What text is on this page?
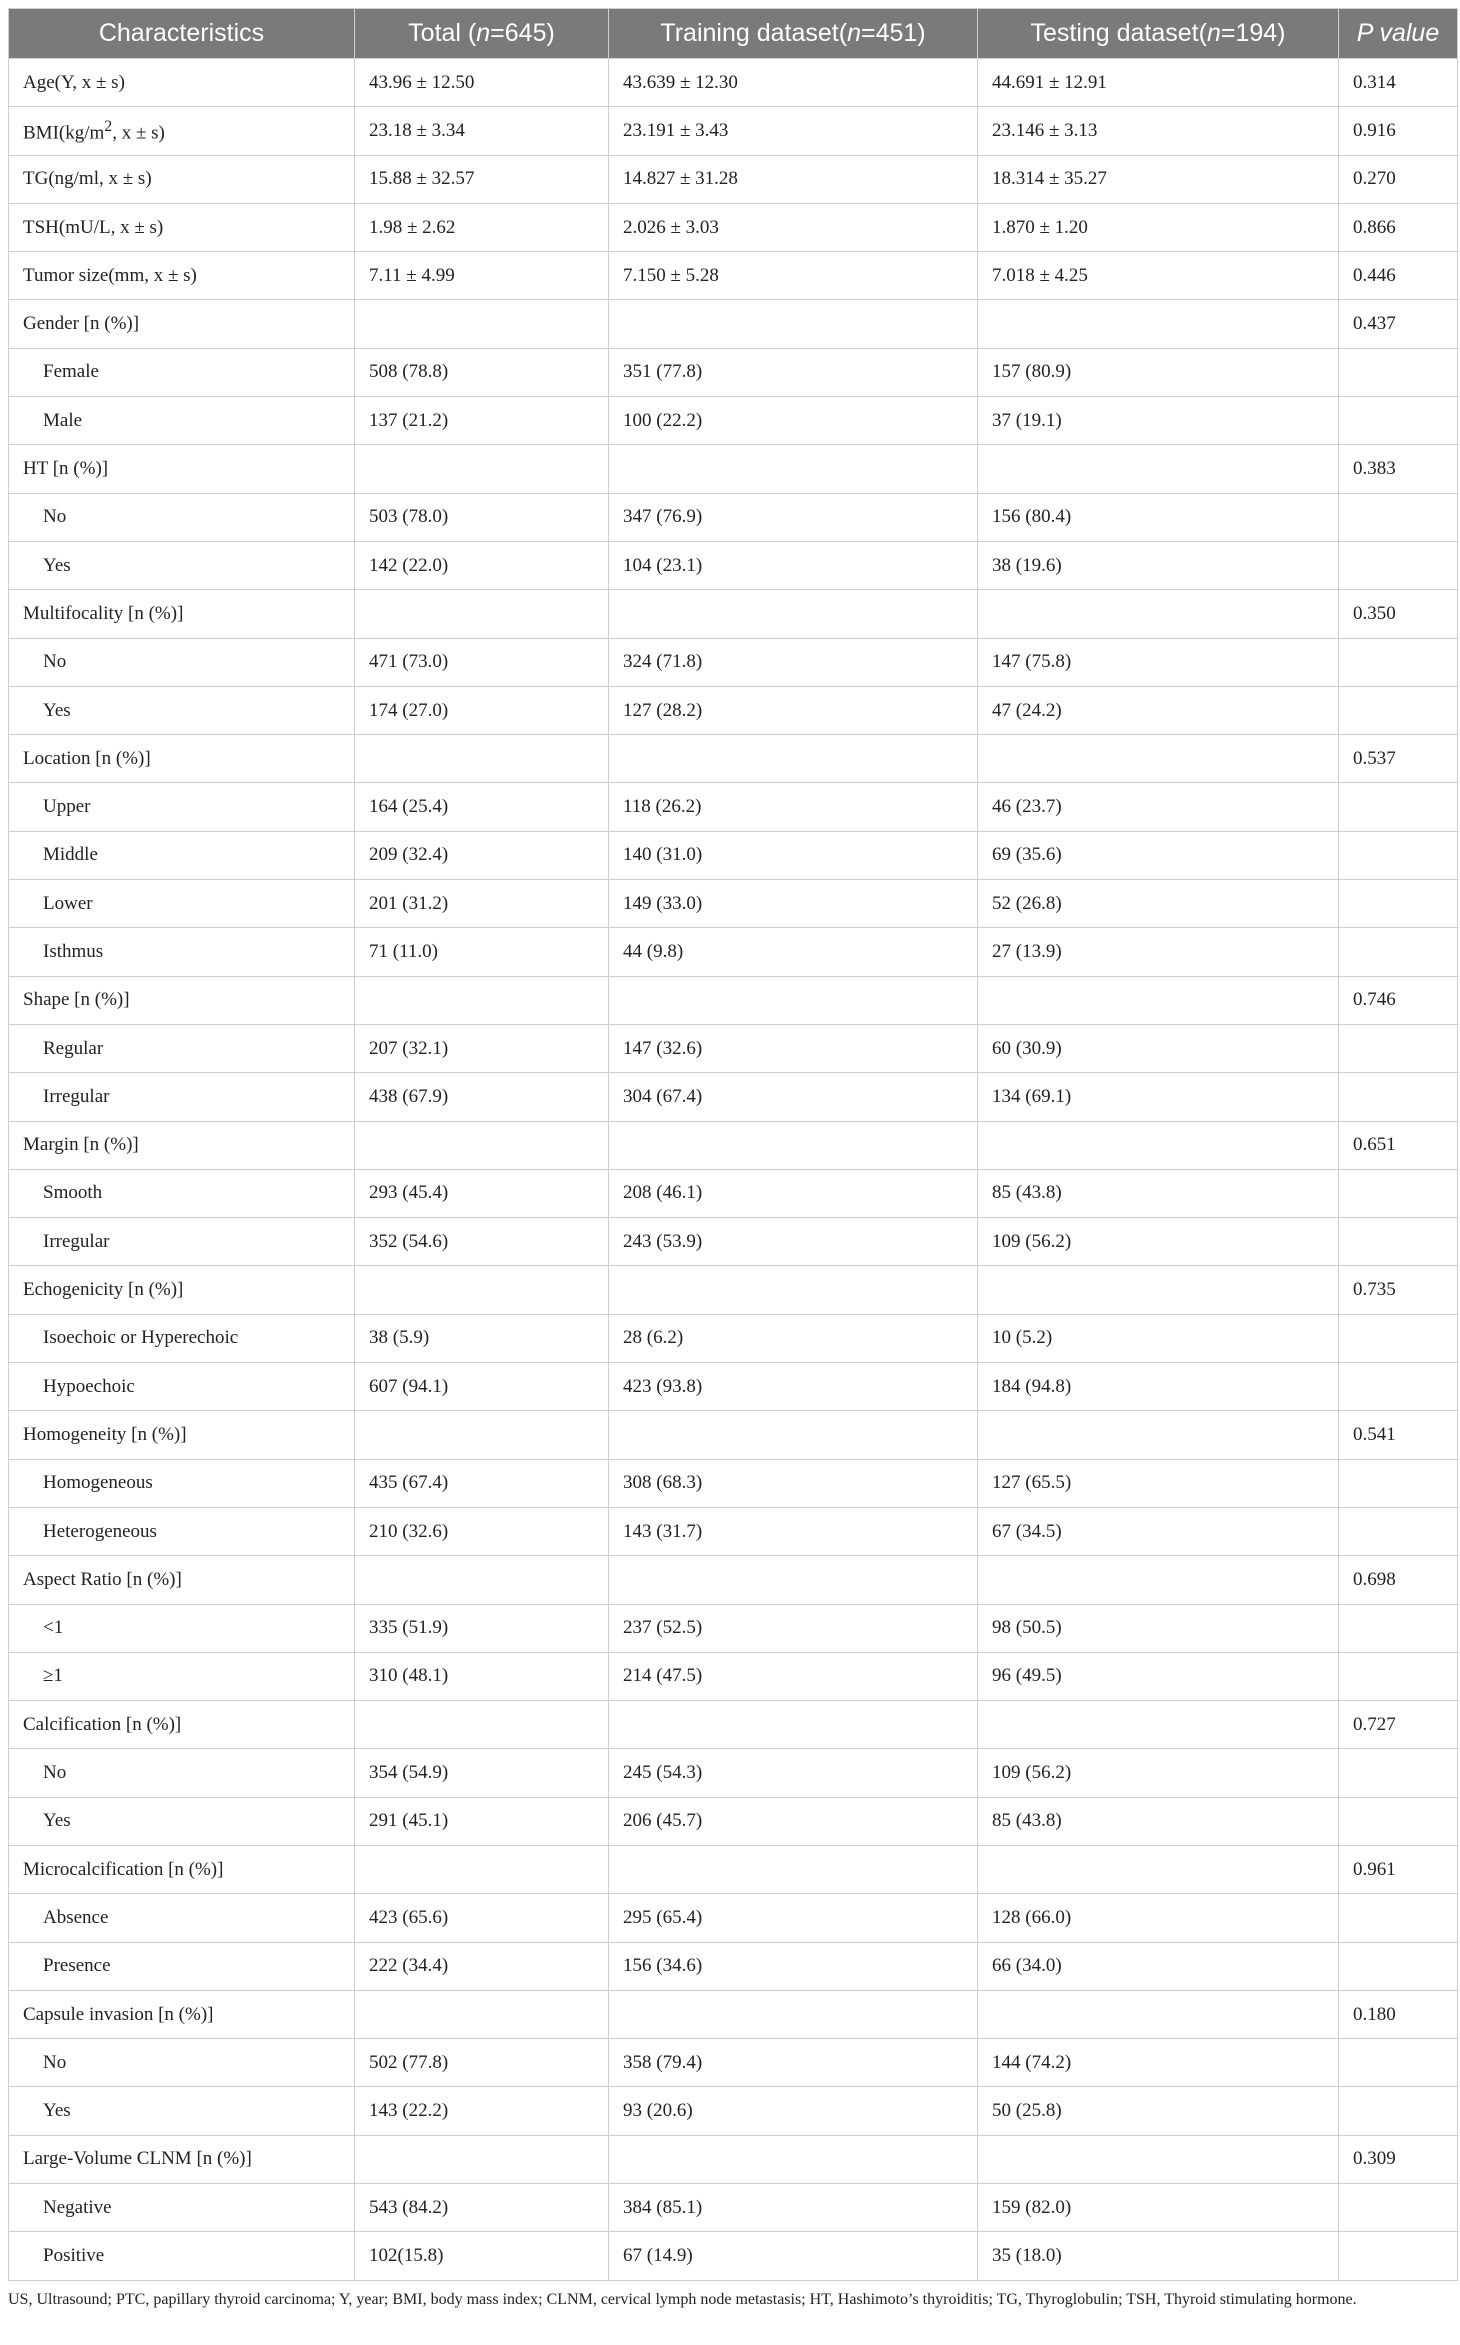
Characteristics	Total (n=645)	Training dataset(n=451)	Testing dataset(n=194)	P value
Age(Y, x ± s)	43.96 ± 12.50	43.639 ± 12.30	44.691 ± 12.91	0.314
$BMI(kg/m^2$, x ± s)	23.18 ± 3.34	23.191 ± 3.43	23.146 ± 3.13	0.916
TG(ng/ml, x ± s)	15.88 ± 32.57	14.827 ± 31.28	18.314 ± 35.27	0.270
TSH(mU/L, x ± s)	1.98 ± 2.62	2.026 ± 3.03	1.870 ± 1.20	0.866
Tumor size(mm, x ± s)	7.11 ± 4.99	7.150 ± 5.28	7.018 ± 4.25	0.446
Gender [n (%)]				0.437
Female	508 (78.8)	351 (77.8)	157 (80.9)	
Male	137 (21.2)	100 (22.2)	37 (19.1)	
HT [n (%)]				0.383
No	503 (78.0)	347 (76.9)	156 (80.4)	
Yes	142 (22.0)	104 (23.1)	38 (19.6)	
Multifocality [n (%)]				0.350
No	471 (73.0)	324 (71.8)	147 (75.8)	
Yes	174 (27.0)	127 (28.2)	47 (24.2)	
Location [n (%)]				0.537
Upper	164 (25.4)	118 (26.2)	46 (23.7)	
Middle	209 (32.4)	140 (31.0)	69 (35.6)	
Lower	201 (31.2)	149 (33.0)	52 (26.8)	
Isthmus	71 (11.0)	44 (9.8)	27 (13.9)	
Shape [n (%)]				0.746
Regular	207 (32.1)	147 (32.6)	60 (30.9)	
Irregular	438 (67.9)	304 (67.4)	134 (69.1)	
Margin [n (%)]				0.651
Smooth	293 (45.4)	208 (46.1)	85 (43.8)	
Irregular	352 (54.6)	243 (53.9)	109 (56.2)	
Echogenicity [n (%)]				0.735
Isoechoic or Hyperechoic	38 (5.9)	28 (6.2)	10 (5.2)	
Hypoechoic	607 (94.1)	423 (93.8)	184 (94.8)	
Homogeneity [n (%)]				0.541
Homogeneous	435 (67.4)	308 (68.3)	127 (65.5)	
Heterogeneous	210 (32.6)	143 (31.7)	67 (34.5)	
Aspect Ratio [n (%)]				0.698
<1	335 (51.9)	237 (52.5)	98 (50.5)	
≥1	310 (48.1)	214 (47.5)	96 (49.5)	
Calcification [n (%)]				0.727
No	354 (54.9)	245 (54.3)	109 (56.2)	
Yes	291 (45.1)	206 (45.7)	85 (43.8)	
Microcalcification [n (%)]				0.961
Absence	423 (65.6)	295 (65.4)	128 (66.0)	
Presence	222 (34.4)	156 (34.6)	66 (34.0)	
Capsule invasion [n (%)]				0.180
No	502 (77.8)	358 (79.4)	144 (74.2)	
Yes	143 (22.2)	93 (20.6)	50 (25.8)	
Large-Volume CLNM [n (%)]				0.309
Negative	543 (84.2)	384 (85.1)	159 (82.0)	
Positive	102(15.8)	67 (14.9)	35 (18.0)	
US, Ultrasound; PTC, papillary thyroid carcinoma; Y, year; BMI, body mass index; CLNM, cervical lymph node metastasis; HT, Hashimoto’s thyroiditis; TG, Thyroglobulin; TSH, Thyroid stimulating hormone.
